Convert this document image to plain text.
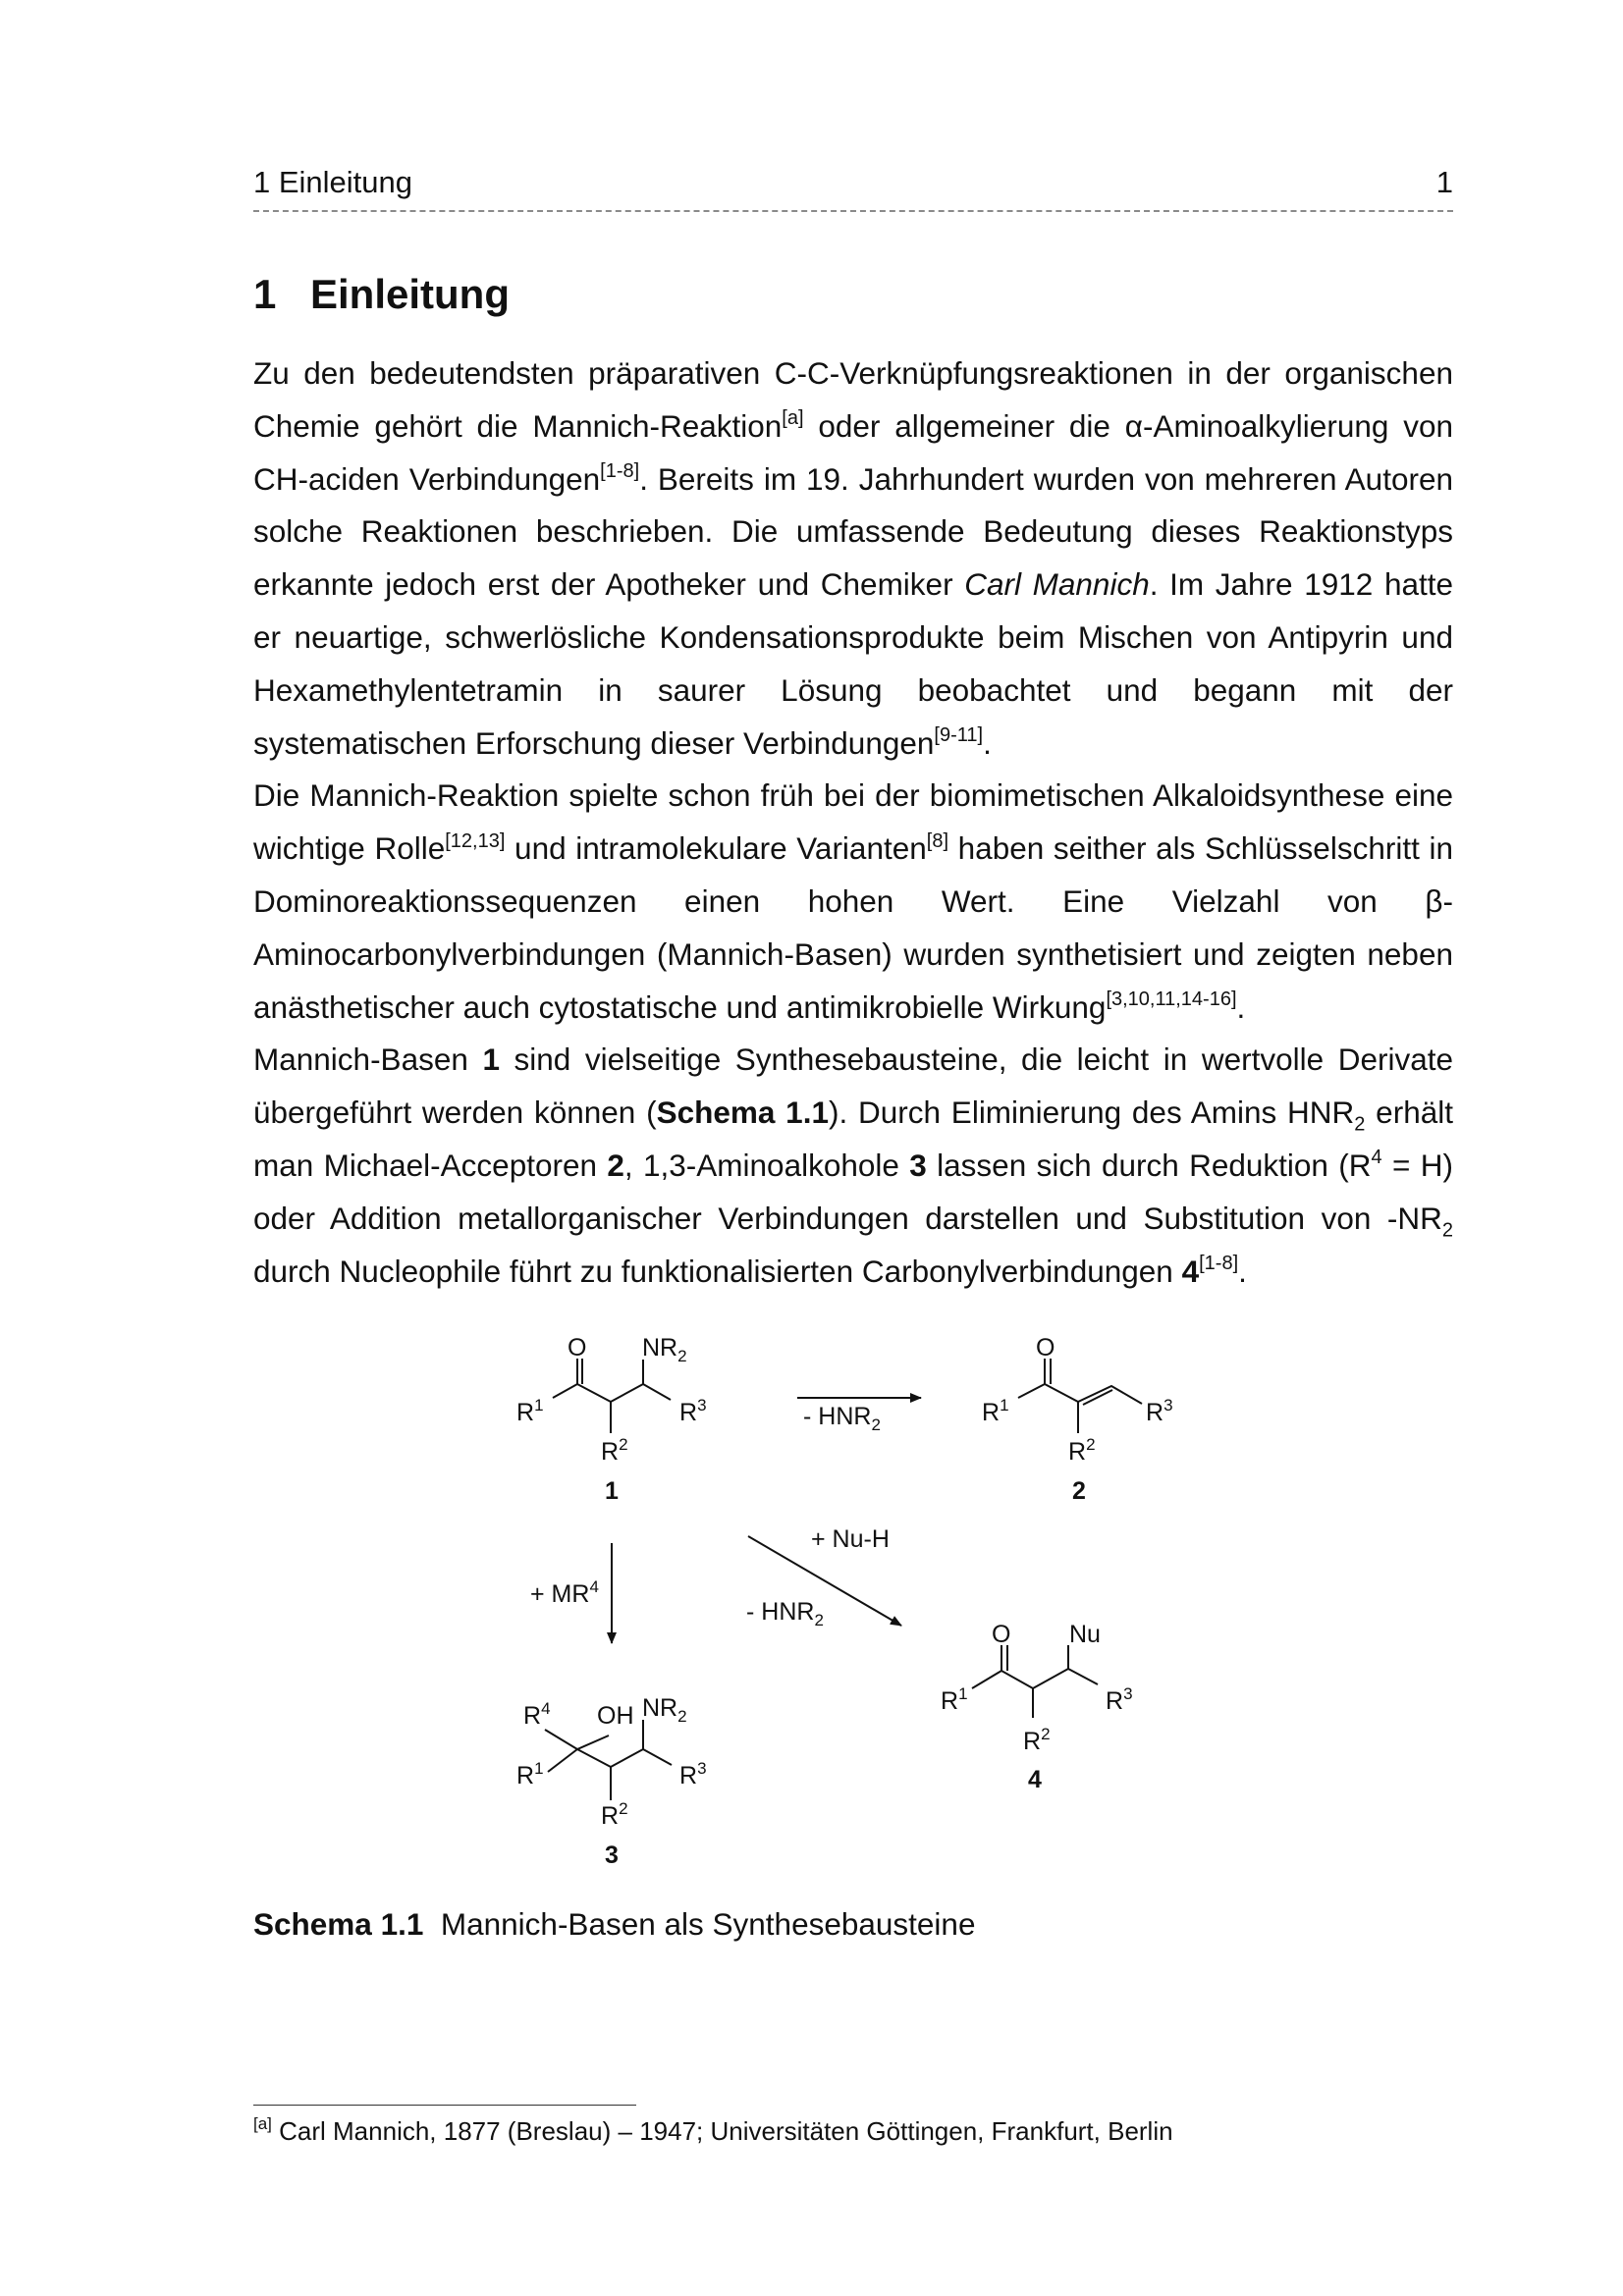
1 Einleitung	1
1 Einleitung

Zu den bedeutendsten präparativen C-C-Verknüpfungsreaktionen in der organischen Chemie gehört die Mannich-Reaktion[a] oder allgemeiner die α-Aminoalkylierung von CH-aciden Verbindungen[1-8]. Bereits im 19. Jahrhundert wurden von mehreren Autoren solche Reaktionen beschrieben. Die umfassende Bedeutung dieses Reaktionstyps erkannte jedoch erst der Apotheker und Chemiker Carl Mannich. Im Jahre 1912 hatte er neuartige, schwerlösliche Kondensationsprodukte beim Mischen von Antipyrin und Hexamethylentetramin in saurer Lösung beobachtet und begann mit der systematischen Erforschung dieser Verbindungen[9-11].

Die Mannich-Reaktion spielte schon früh bei der biomimetischen Alkaloidsynthese eine wichtige Rolle[12,13] und intramolekulare Varianten[8] haben seither als Schlüsselschritt in Dominoreaktionssequenzen einen hohen Wert. Eine Vielzahl von β-Aminocarbonylverbindungen (Mannich-Basen) wurden synthetisiert und zeigten neben anästhetischer auch cytostatische und antimikrobielle Wirkung[3,10,11,14-16].

Mannich-Basen 1 sind vielseitige Synthesebausteine, die leicht in wertvolle Derivate übergeführt werden können (Schema 1.1). Durch Eliminierung des Amins $HNR_2$ erhält man Michael-Acceptoren 2, 1,3-Aminoalkohole 3 lassen sich durch Reduktion $(R^4 = H)$ oder Addition metallorganischer Verbindungen darstellen und Substitution von $-NR_2$ durch Nucleophile führt zu funktionalisierten Carbonylverbindungen 4[1-8].

O $NR_2$
$R^1$	$R^3$
$R^2$
1
- $HNR_2$
O
$R^1$	$R^3$
$R^2$
2
+ $MR^4$
+ Nu-H
- $HNR_2$
$R^4$ OH $NR_2$
$R^1$	$R^3$
$R^2$
3
O Nu
$R^1$	$R^3$
$R^2$
4
Schema 1.1 Mannich-Basen als Synthesebausteine
[a] Carl Mannich, 1877 (Breslau) – 1947; Universitäten Göttingen, Frankfurt, Berlin
